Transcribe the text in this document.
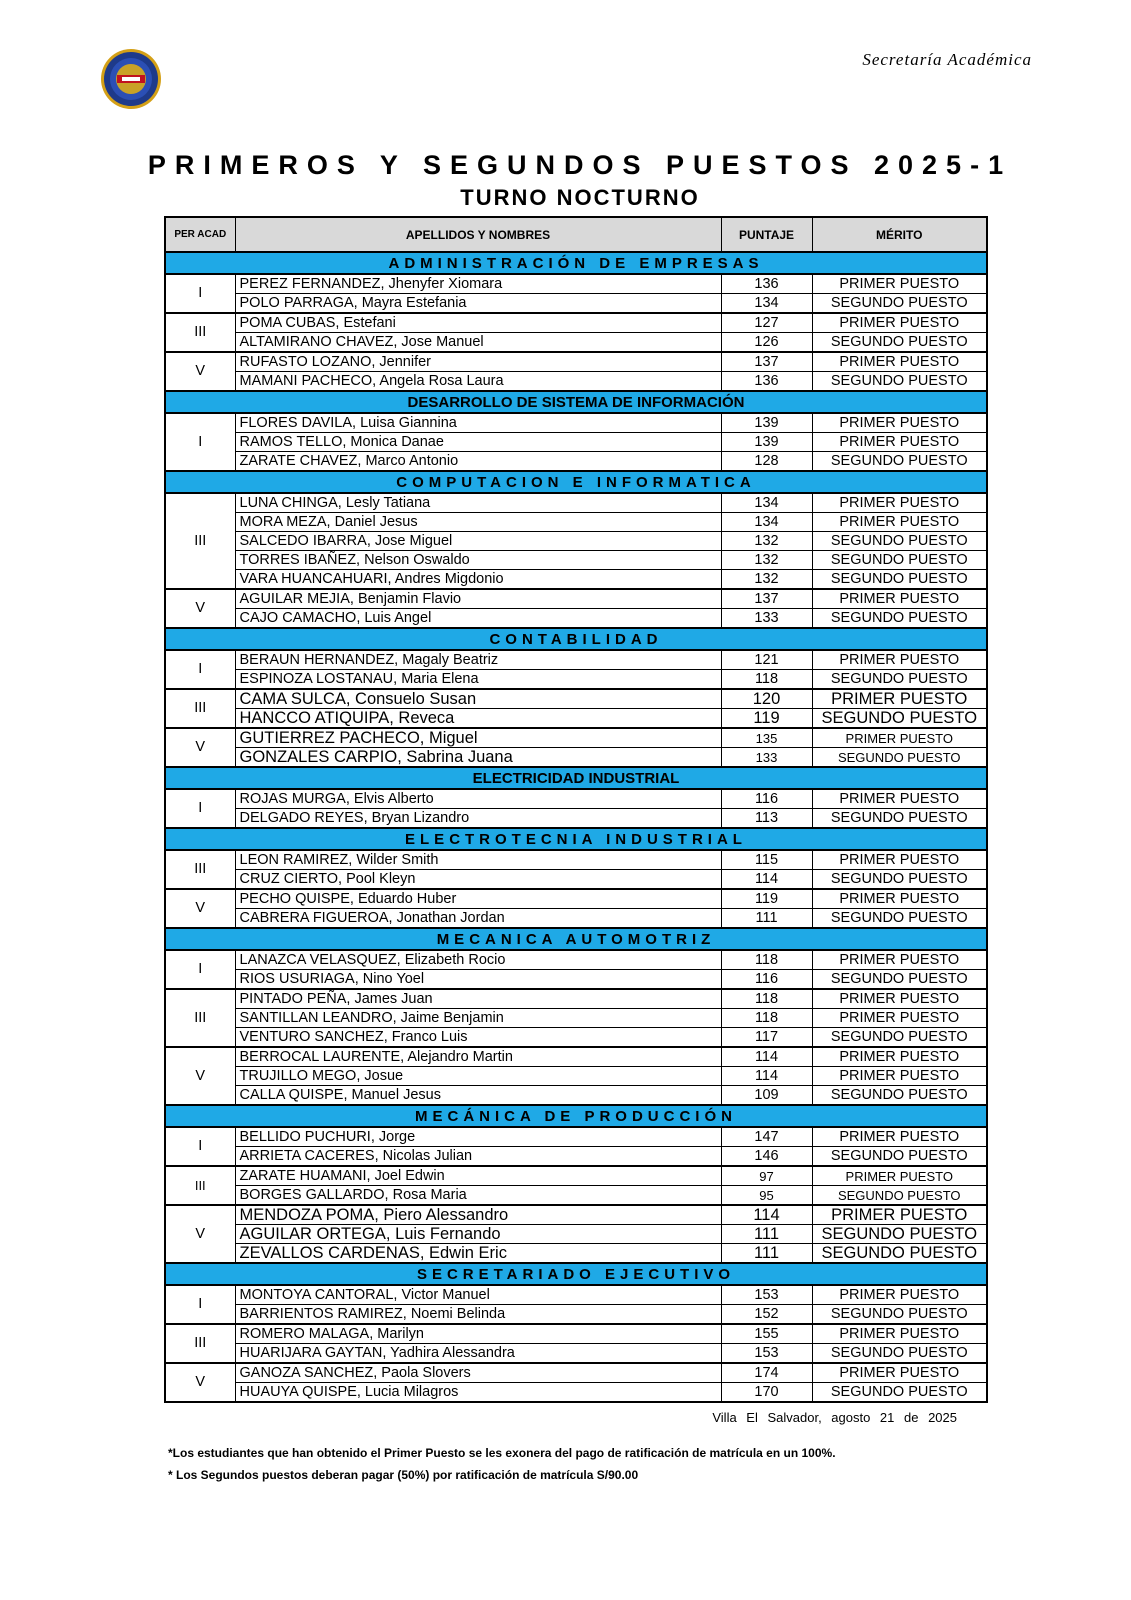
Secretaría Académica
PRIMEROS Y SEGUNDOS PUESTOS 2025-1
TURNO NOCTURNO
PER ACAD	APELLIDOS Y NOMBRES	PUNTAJE	MÉRITO
ADMINISTRACIÓN DE EMPRESAS			
I	PEREZ FERNANDEZ, Jhenyfer Xiomara	136	PRIMER PUESTO
	POLO PARRAGA, Mayra Estefania	134	SEGUNDO PUESTO
III	POMA CUBAS, Estefani	127	PRIMER PUESTO
	ALTAMIRANO CHAVEZ, Jose Manuel	126	SEGUNDO PUESTO
V	RUFASTO LOZANO, Jennifer	137	PRIMER PUESTO
	MAMANI PACHECO, Angela Rosa Laura	136	SEGUNDO PUESTO
DESARROLLO DE SISTEMA DE INFORMACIÓN			
I	FLORES DAVILA, Luisa Giannina	139	PRIMER PUESTO
	RAMOS TELLO, Monica Danae	139	PRIMER PUESTO
	ZARATE CHAVEZ, Marco Antonio	128	SEGUNDO PUESTO
COMPUTACION E INFORMATICA			
III	LUNA CHINGA, Lesly Tatiana	134	PRIMER PUESTO
	MORA MEZA, Daniel Jesus	134	PRIMER PUESTO
	SALCEDO IBARRA, Jose Miguel	132	SEGUNDO PUESTO
	TORRES IBAÑEZ, Nelson Oswaldo	132	SEGUNDO PUESTO
	VARA HUANCAHUARI, Andres Migdonio	132	SEGUNDO PUESTO
V	AGUILAR MEJIA, Benjamin Flavio	137	PRIMER PUESTO
	CAJO CAMACHO, Luis Angel	133	SEGUNDO PUESTO
CONTABILIDAD			
I	BERAUN HERNANDEZ, Magaly Beatriz	121	PRIMER PUESTO
	ESPINOZA LOSTANAU, Maria Elena	118	SEGUNDO PUESTO
III	CAMA SULCA, Consuelo Susan	120	PRIMER PUESTO
	HANCCO ATIQUIPA, Reveca	119	SEGUNDO PUESTO
V	GUTIERREZ PACHECO, Miguel	135	PRIMER PUESTO
	GONZALES CARPIO, Sabrina Juana	133	SEGUNDO PUESTO
ELECTRICIDAD INDUSTRIAL			
I	ROJAS MURGA, Elvis Alberto	116	PRIMER PUESTO
	DELGADO REYES, Bryan Lizandro	113	SEGUNDO PUESTO
ELECTROTECNIA INDUSTRIAL			
III	LEON RAMIREZ, Wilder Smith	115	PRIMER PUESTO
	CRUZ CIERTO, Pool Kleyn	114	SEGUNDO PUESTO
V	PECHO QUISPE, Eduardo Huber	119	PRIMER PUESTO
	CABRERA FIGUEROA, Jonathan Jordan	111	SEGUNDO PUESTO
MECANICA AUTOMOTRIZ			
I	LANAZCA VELASQUEZ, Elizabeth Rocio	118	PRIMER PUESTO
	RIOS USURIAGA, Nino Yoel	116	SEGUNDO PUESTO
III	PINTADO PEÑA, James Juan	118	PRIMER PUESTO
	SANTILLAN LEANDRO, Jaime Benjamin	118	PRIMER PUESTO
	VENTURO SANCHEZ, Franco Luis	117	SEGUNDO PUESTO
V	BERROCAL LAURENTE, Alejandro Martin	114	PRIMER PUESTO
	TRUJILLO MEGO, Josue	114	PRIMER PUESTO
	CALLA QUISPE, Manuel Jesus	109	SEGUNDO PUESTO
MECÁNICA DE PRODUCCIÓN			
I	BELLIDO PUCHURI, Jorge	147	PRIMER PUESTO
	ARRIETA CACERES, Nicolas Julian	146	SEGUNDO PUESTO
III	ZARATE HUAMANI, Joel Edwin	97	PRIMER PUESTO
	BORGES GALLARDO, Rosa Maria	95	SEGUNDO PUESTO
V	MENDOZA POMA, Piero Alessandro	114	PRIMER PUESTO
	AGUILAR ORTEGA, Luis Fernando	111	SEGUNDO PUESTO
	ZEVALLOS CARDENAS, Edwin Eric	111	SEGUNDO PUESTO
SECRETARIADO EJECUTIVO			
I	MONTOYA CANTORAL, Victor Manuel	153	PRIMER PUESTO
	BARRIENTOS RAMIREZ, Noemi Belinda	152	SEGUNDO PUESTO
III	ROMERO MALAGA, Marilyn	155	PRIMER PUESTO
	HUARIJARA GAYTAN, Yadhira Alessandra	153	SEGUNDO PUESTO
V	GANOZA SANCHEZ, Paola Slovers	174	PRIMER PUESTO
	HUAUYA QUISPE, Lucia Milagros	170	SEGUNDO PUESTO
Villa El Salvador, agosto 21 de 2025
*Los estudiantes que han obtenido el Primer Puesto se les exonera del pago de ratificación de matrícula en un 100%.
* Los Segundos puestos deberan pagar (50%) por ratificación de matrícula S/90.00
